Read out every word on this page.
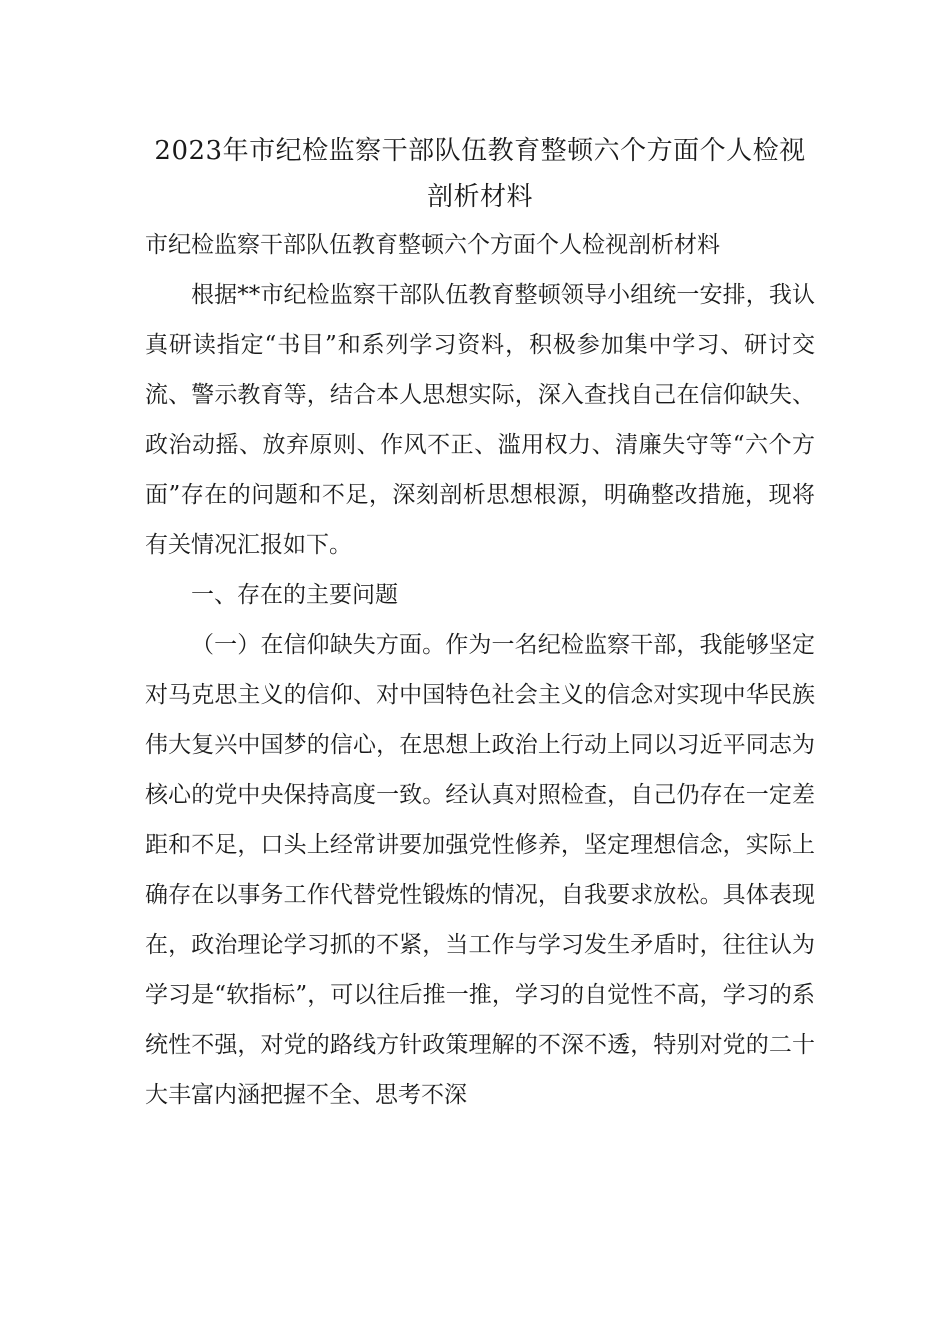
2023年市纪检监察干部队伍教育整顿六个方面个人检视剖析材料

市纪检监察干部队伍教育整顿六个方面个人检视剖析材料

根据**市纪检监察干部队伍教育整顿领导小组统一安排，我认真研读指定“书目”和系列学习资料，积极参加集中学习、研讨交流、警示教育等，结合本人思想实际，深入查找自己在信仰缺失、政治动摇、放弃原则、作风不正、滥用权力、清廉失守等“六个方面”存在的问题和不足，深刻剖析思想根源，明确整改措施，现将有关情况汇报如下。

一、存在的主要问题

（一）在信仰缺失方面。作为一名纪检监察干部，我能够坚定对马克思主义的信仰、对中国特色社会主义的信念对实现中华民族伟大复兴中国梦的信心，在思想上政治上行动上同以习近平同志为核心的党中央保持高度一致。经认真对照检查，自己仍存在一定差距和不足，口头上经常讲要加强党性修养，坚定理想信念，实际上确存在以事务工作代替党性锻炼的情况，自我要求放松。具体表现在，政治理论学习抓的不紧，当工作与学习发生矛盾时，往往认为学习是“软指标”，可以往后推一推，学习的自觉性不高，学习的系统性不强，对党的路线方针政策理解的不深不透，特别对党的二十大丰富内涵把握不全、思考不深
